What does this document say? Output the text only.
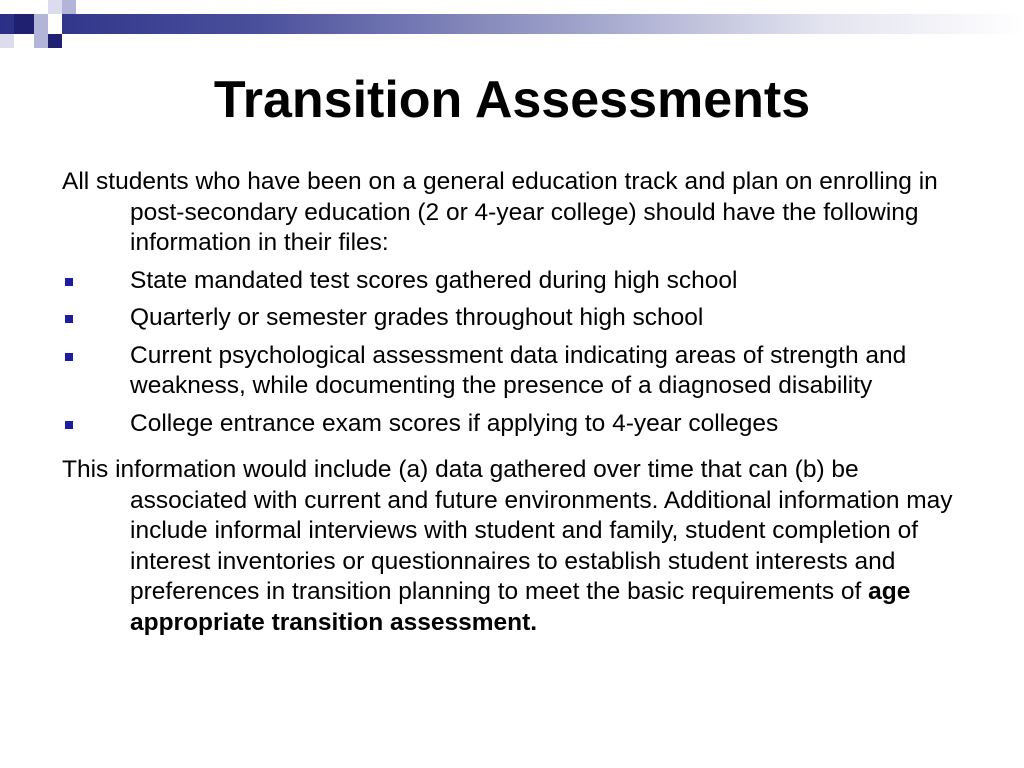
Transition Assessments

All students who have been on a general education track and plan on enrolling in post-secondary education (2 or 4-year college) should have the following information in their files:

State mandated test scores gathered during high school
Quarterly or semester grades throughout high school
Current psychological assessment data indicating areas of strength and weakness, while documenting the presence of a diagnosed disability
College entrance exam scores if applying to 4-year colleges

This information would include (a) data gathered over time that can (b) be associated with current and future environments. Additional information may include informal interviews with student and family, student completion of interest inventories or questionnaires to establish student interests and preferences in transition planning to meet the basic requirements of age appropriate transition assessment.
